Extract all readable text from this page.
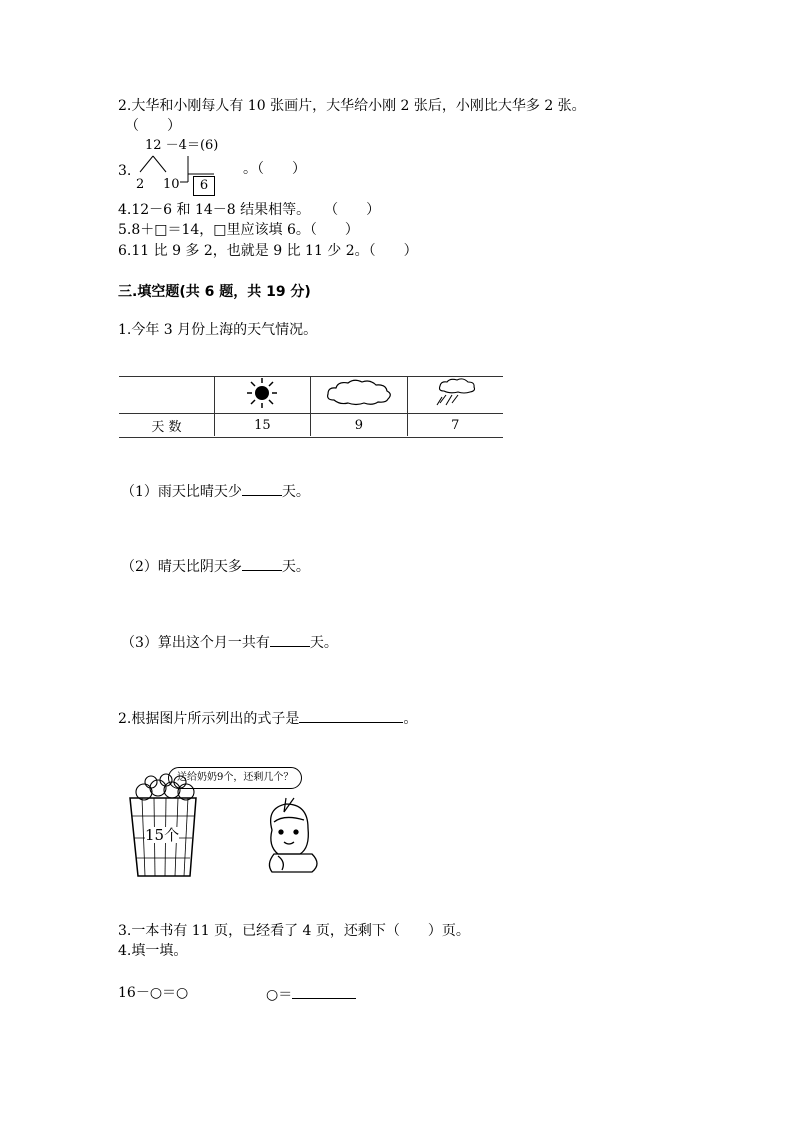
2.大华和小刚每人有 10 张画片，大华给小刚 2 张后，小刚比大华多 2 张。
（　　）
12 －4＝(6)
3.
2 10	6
。（　　）
4.12－6 和 14－8 结果相等。　　（　　）
5.8＋□＝14，□里应该填 6。（　　）
6.11 比 9 多 2，也就是 9 比 11 少 2。（　　）
三.填空题(共 6 题，共 19 分)
1.今年 3 月份上海的天气情况。

天 数	15	9	7
（1）雨天比晴天少	天。
（2）晴天比阴天多	天。
（3）算出这个月一共有	天。
2.根据图片所示列出的式子是	。
送给奶奶9个，还剩几个？
15个
3.一本书有 11 页，已经看了 4 页，还剩下（　　）页。
4.填一填。
16－○＝○	○＝
